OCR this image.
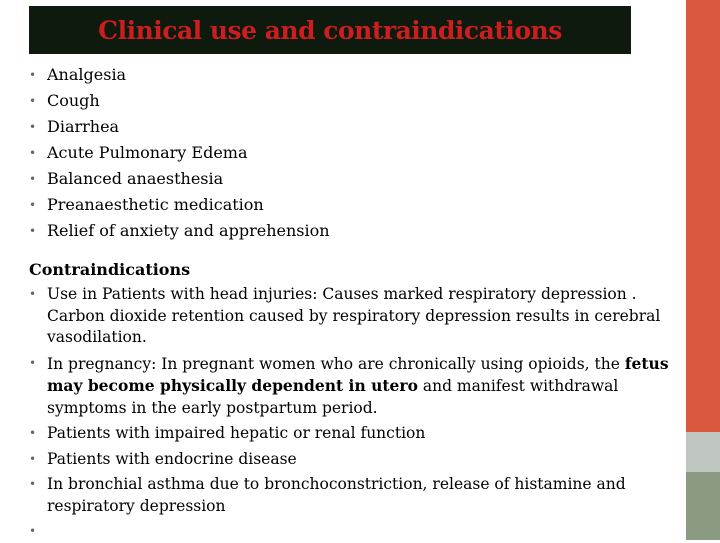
Clinical use and contraindications
• Analgesia
• Cough
• Diarrhea
• Acute Pulmonary Edema
• Balanced anaesthesia
• Preanaesthetic medication
• Relief of anxiety and apprehension

Contraindications

• Use in Patients with head injuries: Causes marked respiratory depression . Carbon dioxide retention caused by respiratory depression results in cerebral vasodilation.
• In pregnancy: In pregnant women who are chronically using opioids, the fetus may become physically dependent in utero and manifest withdrawal symptoms in the early postpartum period.
• Patients with impaired hepatic or renal function
• Patients with endocrine disease
• In bronchial asthma due to bronchoconstriction, release of histamine and respiratory depression
•
